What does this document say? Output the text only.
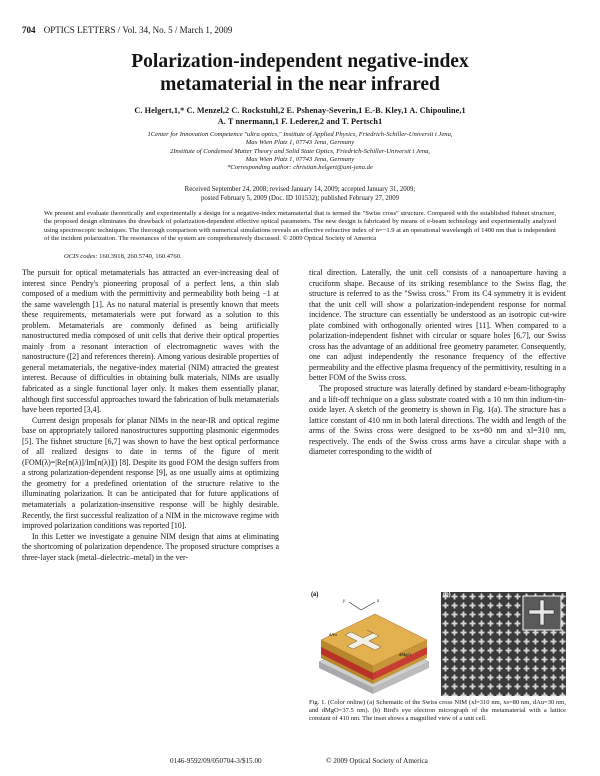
704 OPTICS LETTERS / Vol. 34, No. 5 / March 1, 2009
Polarization-independent negative-index
metamaterial in the near infrared
C. Helgert,1,* C. Menzel,2 C. Rockstuhl,2 E. Pshenay-Severin,1 E.-B. Kley,1 A. Chipouline,1
A. T nnermann,1 F. Lederer,2 and T. Pertsch1
1Center for Innovation Competence "ultra optics," Institute of Applied Physics, Friedrich-Schiller-Universit t Jena,
Max Wien Platz 1, 07743 Jena, Germany
2Institute of Condensed Matter Theory and Solid State Optics, Friedrich-Schiller-Universit t Jena,
Max Wien Platz 1, 07743 Jena, Germany
*Corresponding author: christian.helgert@uni-jena.de
Received September 24, 2008; revised January 14, 2009; accepted January 31, 2009;
posted February 5, 2009 (Doc. ID 101532); published February 27, 2009
We present and evaluate theoretically and experimentally a design for a negative-index metamaterial that is termed the "Swiss cross" structure. Compared with the established fishnet structure, the proposed design eliminates the drawback of polarization-dependent effective optical parameters. The new design is fabricated by means of e-beam technology and experimentally analyzed using spectroscopic techniques. The thorough comparison with numerical simulations reveals an effective refractive index of n=−1.9 at an operational wavelength of 1400 nm that is independent of the incident polarization. The resonances of the system are comprehensively discussed. © 2009 Optical Society of America
OCIS codes: 160.3918, 260.5740, 160.4760.

The pursuit for optical metamaterials has attracted an ever-increasing deal of interest since Pendry's pioneering proposal of a perfect lens, a thin slab composed of a medium with the permittivity and permeability both being −1 at the same wavelength [1]. As no natural material is presently known that meets these requirements, metamaterials were put forward as a solution to this problem. Metamaterials are commonly defined as being artificially nanostructured media composed of unit cells that derive their optical properties mainly from a resonant interaction of electromagnetic waves with the nanostructure ([2] and references therein). Among various desirable properties of general metamaterials, the negative-index material (NIM) attracted the greatest interest. Because of difficulties in obtaining bulk materials, NIMs are usually fabricated as a single functional layer only. It makes them essentially planar, although first successful approaches toward the fabrication of bulk metamaterials have been reported [3,4].

Current design proposals for planar NIMs in the near-IR and optical regime base on appropriately tailored nanostructures supporting plasmonic eigenmodes [5]. The fishnet structure [6,7] was shown to have the best optical performance of all realized designs to date in terms of the figure of merit (FOM(λ)=|Re[n(λ)]/Im[n(λ)]|) [8]. Despite its good FOM the design suffers from a strong polarization-dependent response [9], as one usually aims at optimizing the geometry for a predefined orientation of the structure relative to the illuminating polarization. It can be anticipated that for future applications of metamaterials a polarization-insensitive response will be highly desirable. Recently, the first successful realization of a NIM in the microwave regime with improved polarization conditions was reported [10].

In this Letter we investigate a genuine NIM design that aims at eliminating the shortcoming of polarization dependence. The proposed structure comprises a three-layer stack (metal–dielectric–metal) in the ver-

tical direction. Laterally, the unit cell consists of a nanoaperture having a cruciform shape. Because of its striking resemblance to the Swiss flag, the structure is referred to as the "Swiss cross." From its C4 symmetry it is evident that the unit cell will show a polarization-independent response for normal incidence. The structure can essentially be understood as an isotropic cut-wire plate combined with orthogonally oriented wires [11]. When compared to a polarization-independent fishnet with circular or square holes [6,7], our Swiss cross has the advantage of an additional free geometry parameter. Consequently, one can adjust independently the resonance frequency of the effective permeability and the effective plasma frequency of the permittivity, resulting in a better FOM of the Swiss cross.

The proposed structure was laterally defined by standard e-beam-lithography and a lift-off technique on a glass substrate coated with a 10 nm thin indium-tin-oxide layer. A sketch of the geometry is shown in Fig. 1(a). The structure has a lattice constant of 410 nm in both lateral directions. The width and length of the arms of the Swiss cross were designed to be xs=80 nm and xl=310 nm, respectively. The ends of the Swiss cross arms have a circular shape with a diameter corresponding to the width of

(a)
x
y
dAu
dMgO
(b)
Fig. 1. (Color online) (a) Schematic of the Swiss cross NIM (xl=310 nm, xs=80 nm, dAu=30 nm, and dMgO=37.5 nm). (b) Bird's eye electron micrograph of the metamaterial with a lattice constant of 410 nm. The inset shows a magnified view of a unit cell.
0146-9592/09/050704-3/$15.00	© 2009 Optical Society of America
